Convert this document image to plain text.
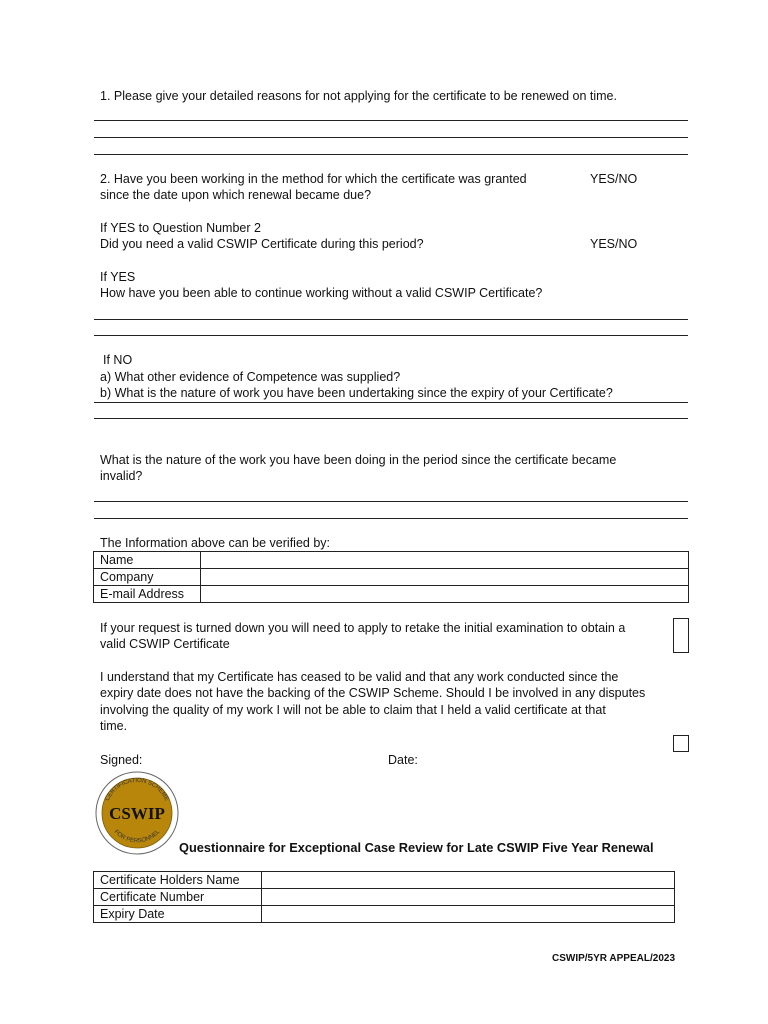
1. Please give your detailed reasons for not applying for the certificate to be renewed on time.
2. Have you been working in the method for which the certificate was granted	YES/NO
since the date upon which renewal became due?
If YES to Question Number 2
Did you need a valid CSWIP Certificate during this period?	YES/NO
If YES
How have you been able to continue working without a valid CSWIP Certificate?
If NO
a) What other evidence of Competence was supplied?
b) What is the nature of work you have been undertaking since the expiry of your Certificate?
What is the nature of the work you have been doing in the period since the certificate became
invalid?
The Information above can be verified by:
Name	
Company	
E-mail Address	
If your request is turned down you will need to apply to retake the initial examination to obtain a
valid CSWIP Certificate
I understand that my Certificate has ceased to be valid and that any work conducted since the
expiry date does not have the backing of the CSWIP Scheme. Should I be involved in any disputes
involving the quality of my work I will not be able to claim that I held a valid certificate at that
time.
Signed:	Date:
CERTIFICATION SCHEME
FOR PERSONNEL
CSWIP
Questionnaire for Exceptional Case Review for Late CSWIP Five Year Renewal
Certificate Holders Name	
Certificate Number	
Expiry Date	
CSWIP/5YR APPEAL/2023
